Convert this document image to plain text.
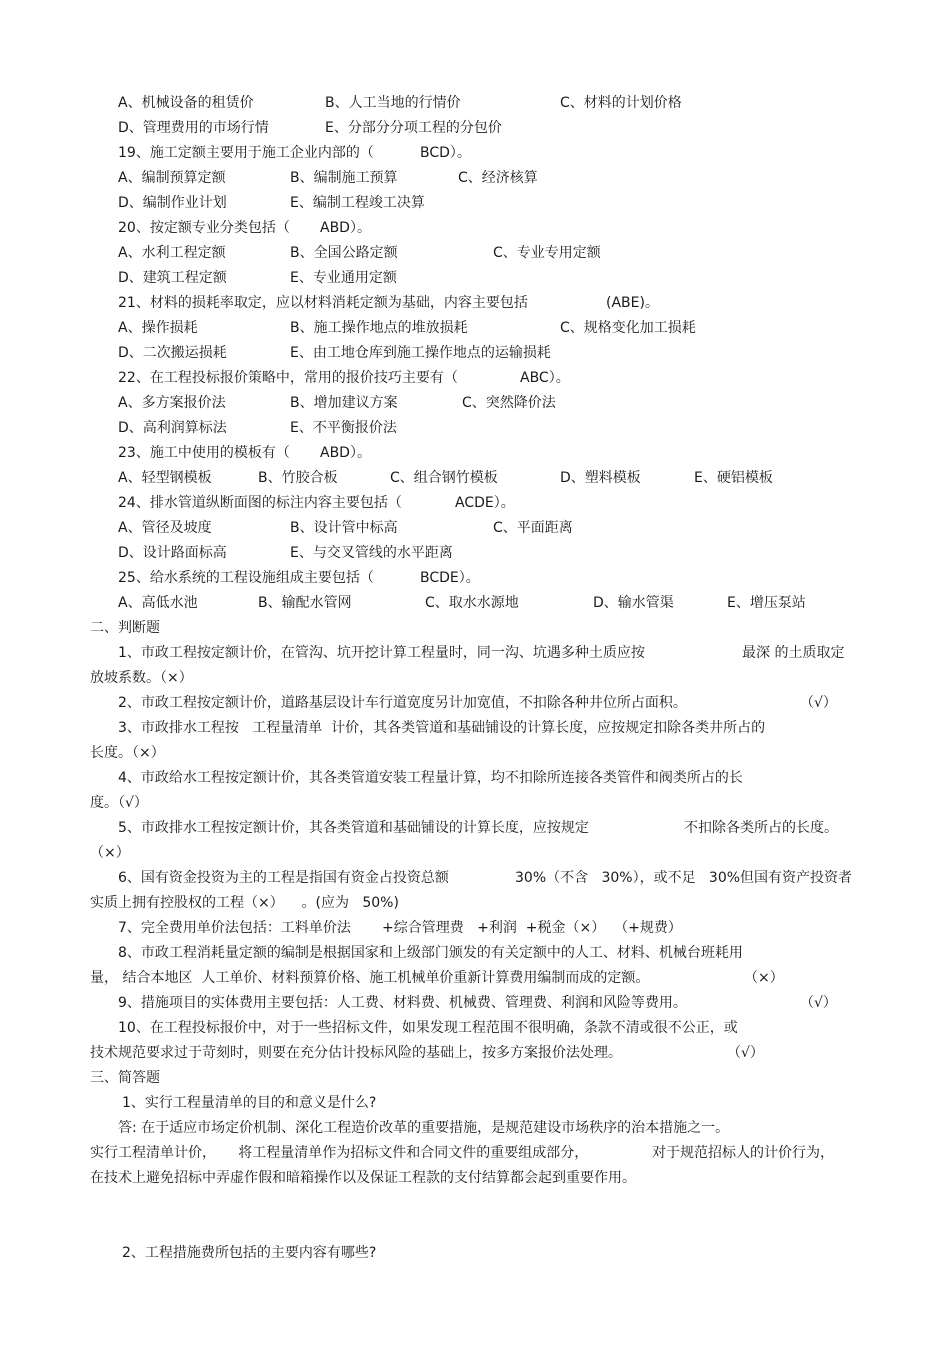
A、机械设备的租赁价	B、人工当地的行情价	C、材料的计划价格
D、管理费用的市场行情	E、分部分分项工程的分包价
19、施工定额主要用于施工企业内部的（	BCD）。
A、编制预算定额	B、编制施工预算	C、经济核算
D、编制作业计划	E、编制工程竣工决算
20、按定额专业分类包括（ ABD）。
A、水利工程定额	B、全国公路定额	C、专业专用定额
D、建筑工程定额	E、专业通用定额
21、材料的损耗率取定，应以材料消耗定额为基础，内容主要包括	(ABE)。
A、操作损耗	B、施工操作地点的堆放损耗	C、规格变化加工损耗
D、二次搬运损耗	E、由工地仓库到施工操作地点的运输损耗
22、在工程投标报价策略中，常用的报价技巧主要有（	ABC）。
A、多方案报价法	B、增加建议方案	C、突然降价法
D、高利润算标法	E、不平衡报价法
23、施工中使用的模板有（ ABD）。
A、轻型钢模板	B、竹胶合板	C、组合钢竹模板	D、塑料模板	E、硬铝模板
24、排水管道纵断面图的标注内容主要包括（	ACDE）。
A、管径及坡度	B、设计管中标高	C、平面距离
D、设计路面标高	E、与交叉管线的水平距离
25、给水系统的工程设施组成主要包括（	BCDE）。
A、高低水池	B、输配水管网	C、取水水源地	D、输水管渠	E、增压泵站
二、判断题
1、市政工程按定额计价，在管沟、坑开挖计算工程量时，同一沟、坑遇多种土质应按	最深 的土质取定
放坡系数。（×）
2、市政工程按定额计价，道路基层设计车行道宽度另计加宽值，不扣除各种井位所占面积。	（√）
3、市政排水工程按   工程量清单  计价，其各类管道和基础铺设的计算长度，应按规定扣除各类井所占的
长度。（×）
4、市政给水工程按定额计价，其各类管道安装工程量计算，均不扣除所连接各类管件和阀类所占的长
度。（√）
5、市政排水工程按定额计价，其各类管道和基础铺设的计算长度，应按规定	不扣除各类所占的长度。
（×）
6、国有资金投资为主的工程是指国有资金占投资总额	30%（不含   30%），或不足   30%但国有资产投资者
实质上拥有控股权的工程（×）    。(应为   50%)
7、完全费用单价法包括：工料单价法       +综合管理费   +利润  +税金（×）  （+规费）
8、市政工程消耗量定额的编制是根据国家和上级部门颁发的有关定额中的人工、材料、机械台班耗用
量， 结合本地区  人工单价、材料预算价格、施工机械单价重新计算费用编制而成的定额。	（×）
9、措施项目的实体费用主要包括：人工费、材料费、机械费、管理费、利润和风险等费用。	（√）
10、在工程投标报价中，对于一些招标文件，如果发现工程范围不很明确，条款不清或很不公正，或
技术规范要求过于苛刻时，则要在充分估计投标风险的基础上，按多方案报价法处理。	（√）
三、简答题
1、实行工程量清单的目的和意义是什么?
答: 在于适应市场定价机制、深化工程造价改革的重要措施，是规范建设市场秩序的治本措施之一。
实行工程清单计价，     将工程量清单作为招标文件和合同文件的重要组成部分，	对于规范招标人的计价行为，
在技术上避免招标中弄虚作假和暗箱操作以及保证工程款的支付结算都会起到重要作用。
2、工程措施费所包括的主要内容有哪些?
